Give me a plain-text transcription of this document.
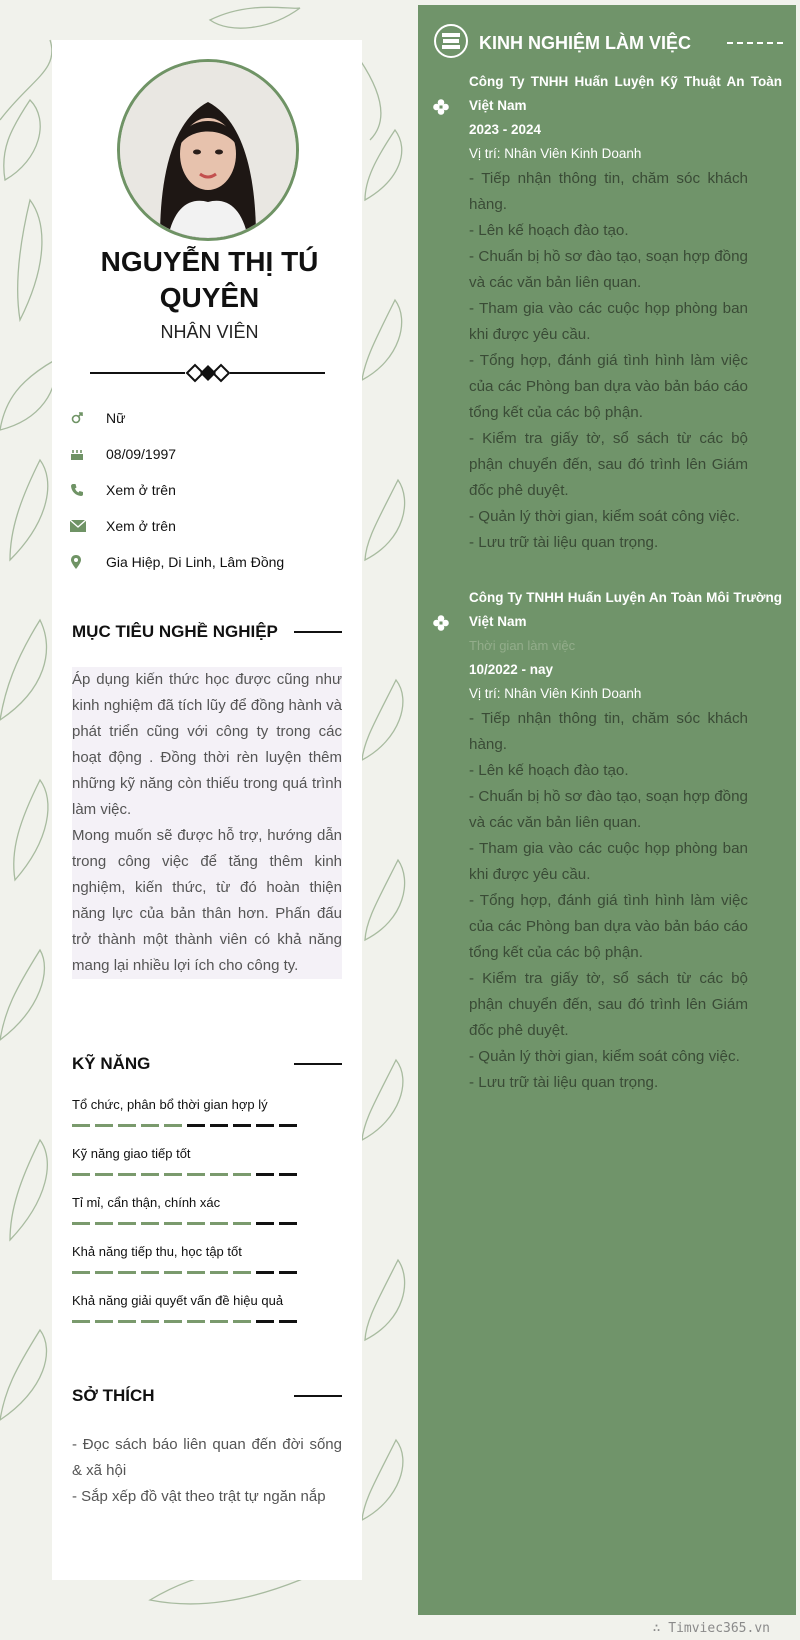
NGUYỄN THỊ TÚ QUYÊN
NHÂN VIÊN
Nữ
08/09/1997
Xem ở trên
Xem ở trên
Gia Hiệp, Di Linh, Lâm Đồng
MỤC TIÊU NGHỀ NGHIỆP
Áp dụng kiến thức học được cũng như kinh nghiệm đã tích lũy để đồng hành và phát triển cũng với công ty trong các hoạt động . Đồng thời rèn luyện thêm những kỹ năng còn thiếu trong quá trình làm việc.
Mong muốn sẽ được hỗ trợ, hướng dẫn trong công việc để tăng thêm kinh nghiệm, kiến thức, từ đó hoàn thiện năng lực của bản thân hơn. Phấn đấu trở thành một thành viên có khả năng mang lại nhiều lợi ích cho công ty.
KỸ NĂNG
Tổ chức, phân bổ thời gian hợp lý
Kỹ năng giao tiếp tốt
Tỉ mỉ, cẩn thận, chính xác
Khả năng tiếp thu, học tập tốt
Khả năng giải quyết vấn đề hiệu quả
SỞ THÍCH
- Đọc sách báo liên quan đến đời sống & xã hội
- Sắp xếp đồ vật theo trật tự ngăn nắp
KINH NGHIỆM LÀM VIỆC
Công Ty TNHH Huấn Luyện Kỹ Thuật An Toàn Việt Nam
2023 - 2024
Vị trí: Nhân Viên Kinh Doanh
- Tiếp nhận thông tin, chăm sóc khách hàng.
- Lên kế hoạch đào tạo.
- Chuẩn bị hồ sơ đào tạo, soạn hợp đồng và các văn bản liên quan.
- Tham gia vào các cuộc họp phòng ban khi được yêu cầu.
- Tổng hợp, đánh giá tình hình làm việc của các Phòng ban dựa vào bản báo cáo tổng kết của các bộ phận.
- Kiểm tra giấy tờ, sổ sách từ các bộ phận chuyển đến, sau đó trình lên Giám đốc phê duyệt.
- Quản lý thời gian, kiểm soát công việc.
- Lưu trữ tài liệu quan trọng.
Công Ty TNHH Huấn Luyện An Toàn Môi Trường Việt Nam
Thời gian làm việc
10/2022 - nay
Vị trí: Nhân Viên Kinh Doanh
- Tiếp nhận thông tin, chăm sóc khách hàng.
- Lên kế hoạch đào tạo.
- Chuẩn bị hồ sơ đào tạo, soạn hợp đồng và các văn bản liên quan.
- Tham gia vào các cuộc họp phòng ban khi được yêu cầu.
- Tổng hợp, đánh giá tình hình làm việc của các Phòng ban dựa vào bản báo cáo tổng kết của các bộ phận.
- Kiểm tra giấy tờ, sổ sách từ các bộ phận chuyển đến, sau đó trình lên Giám đốc phê duyệt.
- Quản lý thời gian, kiểm soát công việc.
- Lưu trữ tài liệu quan trọng.
∴ Timviec365.vn
